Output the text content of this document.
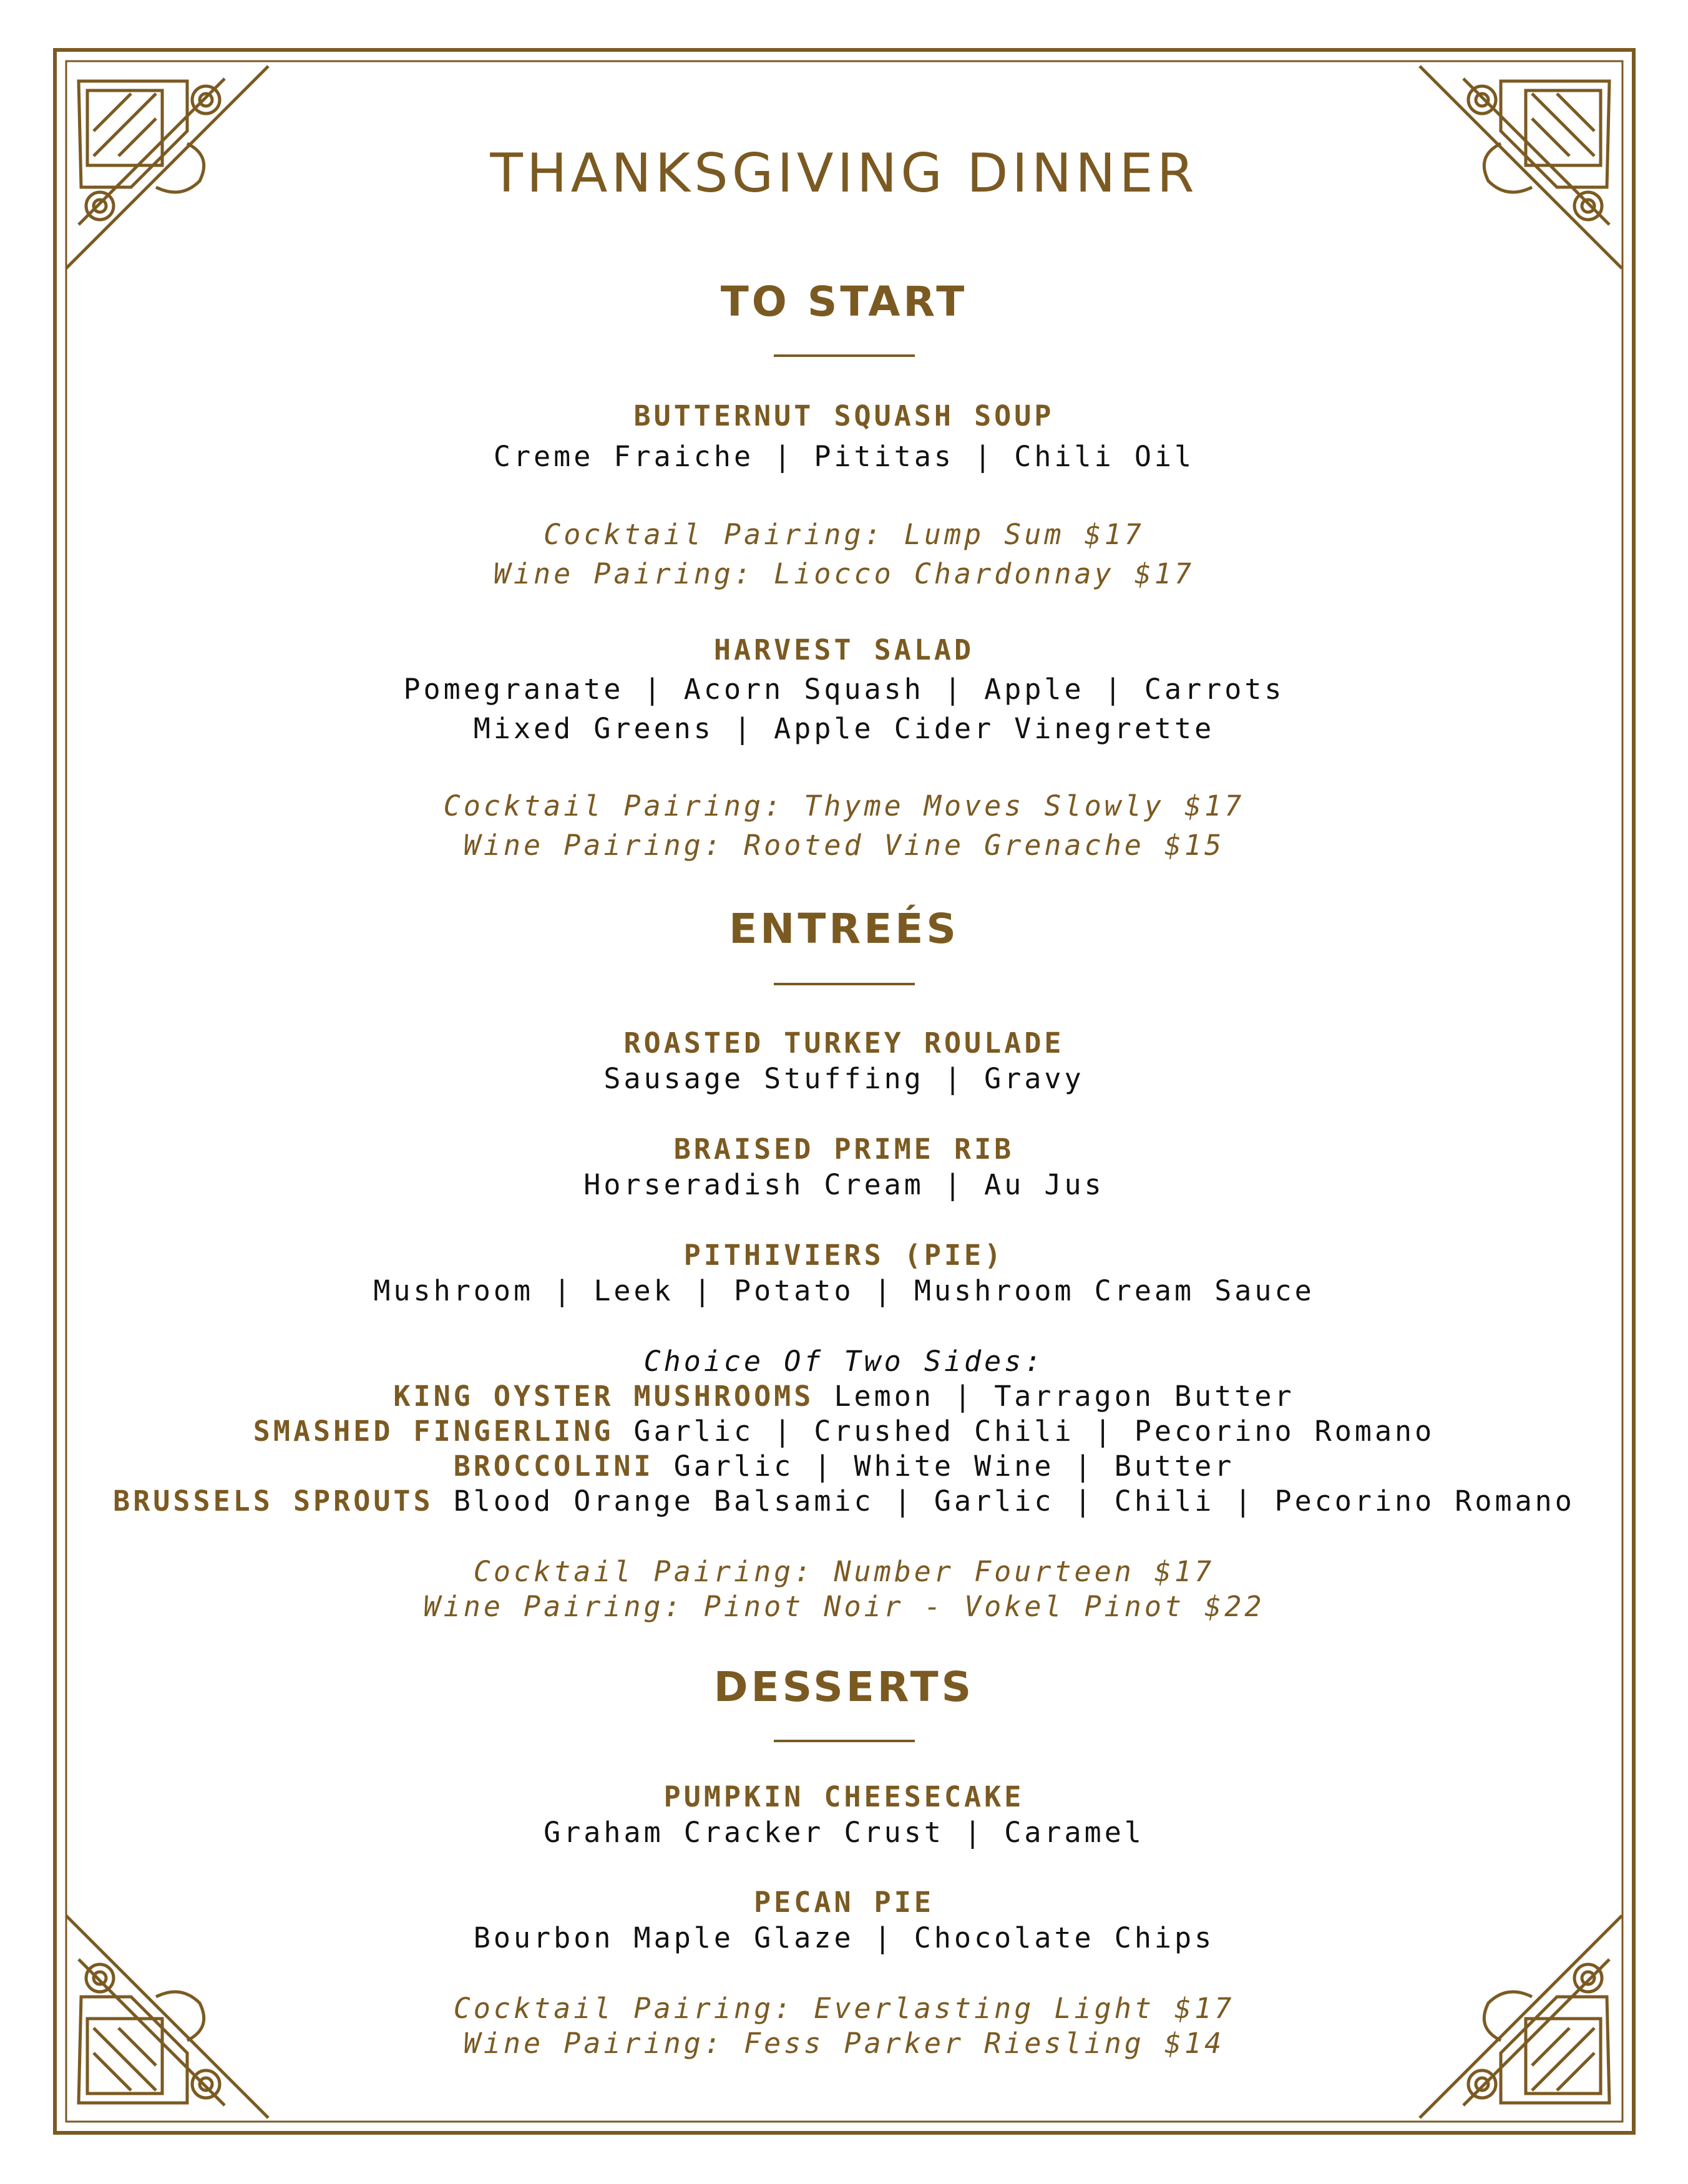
THANKSGIVING DINNER
TO START
BUTTERNUT SQUASH SOUP
Creme Fraiche | Pititas | Chili Oil
Cocktail Pairing: Lump Sum $17
Wine Pairing: Liocco Chardonnay $17
HARVEST SALAD
Pomegranate | Acorn Squash | Apple | Carrots
Mixed Greens | Apple Cider Vinegrette
Cocktail Pairing: Thyme Moves Slowly $17
Wine Pairing: Rooted Vine Grenache $15
ENTREÉS
ROASTED TURKEY ROULADE
Sausage Stuffing | Gravy
BRAISED PRIME RIB
Horseradish Cream | Au Jus
PITHIVIERS (PIE)
Mushroom | Leek | Potato | Mushroom Cream Sauce
Choice Of Two Sides:
KING OYSTER MUSHROOMS Lemon | Tarragon Butter
SMASHED FINGERLING Garlic | Crushed Chili | Pecorino Romano
BROCCOLINI Garlic | White Wine | Butter
BRUSSELS SPROUTS Blood Orange Balsamic | Garlic | Chili | Pecorino Romano
Cocktail Pairing: Number Fourteen $17
Wine Pairing: Pinot Noir - Vokel Pinot $22
DESSERTS
PUMPKIN CHEESECAKE
Graham Cracker Crust | Caramel
PECAN PIE
Bourbon Maple Glaze | Chocolate Chips
Cocktail Pairing: Everlasting Light $17
Wine Pairing: Fess Parker Riesling $14
